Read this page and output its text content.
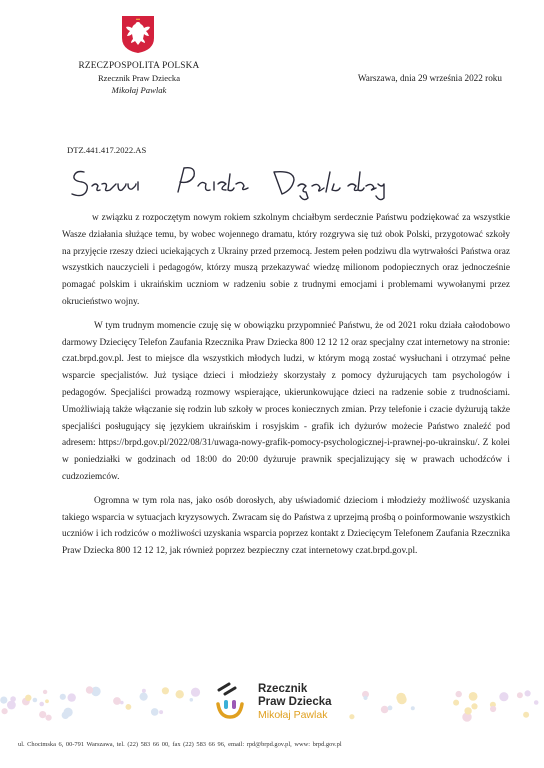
RZECZPOSPOLITA POLSKA
Rzecznik Praw Dziecka
Mikołaj Pawlak
Warszawa, dnia 29 września 2022 roku
DTZ.441.417.2022.AS

w związku z rozpoczętym nowym rokiem szkolnym chciałbym serdecznie Państwu podziękować za wszystkie Wasze działania służące temu, by wobec wojennego dramatu, który rozgrywa się tuż obok Polski, przygotować szkoły na przyjęcie rzeszy dzieci uciekających z Ukrainy przed przemocą. Jestem pełen podziwu dla wytrwałości Państwa oraz wszystkich nauczycieli i pedagogów, którzy muszą przekazywać wiedzę milionom podopiecznych oraz jednocześnie pomagać polskim i ukraińskim uczniom w radzeniu sobie z trudnymi emocjami i problemami wywołanymi przez okrucieństwo wojny.

W tym trudnym momencie czuję się w obowiązku przypomnieć Państwu, że od 2021 roku działa całodobowo darmowy Dziecięcy Telefon Zaufania Rzecznika Praw Dziecka 800 12 12 12 oraz specjalny czat internetowy na stronie: czat.brpd.gov.pl. Jest to miejsce dla wszystkich młodych ludzi, w którym mogą zostać wysłuchani i otrzymać pełne wsparcie specjalistów. Już tysiące dzieci i młodzieży skorzystały z pomocy dyżurujących tam psychologów i pedagogów. Specjaliści prowadzą rozmowy wspierające, ukierunkowujące dzieci na radzenie sobie z trudnościami. Umożliwiają także włączanie się rodzin lub szkoły w proces koniecznych zmian. Przy telefonie i czacie dyżurują także specjaliści posługujący się językiem ukraińskim i rosyjskim - grafik ich dyżurów możecie Państwo znaleźć pod adresem: https://brpd.gov.pl/2022/08/31/uwaga-nowy-grafik-pomocy-psychologicznej-i-prawnej-po-ukrainsku/. Z kolei w poniedziałki w godzinach od 18:00 do 20:00 dyżuruje prawnik specjalizujący się w prawach uchodźców i cudzoziemców.

Ogromna w tym rola nas, jako osób dorosłych, aby uświadomić dzieciom i młodzieży możliwość uzyskania takiego wsparcia w sytuacjach kryzysowych. Zwracam się do Państwa z uprzejmą prośbą o poinformowanie wszystkich uczniów i ich rodziców o możliwości uzyskania wsparcia poprzez kontakt z Dziecięcym Telefonem Zaufania Rzecznika Praw Dziecka 800 12 12 12, jak również poprzez bezpieczny czat internetowy czat.brpd.gov.pl.

Rzecznik
Praw Dziecka
Mikołaj Pawlak
ul. Chocimska 6, 00-791 Warszawa, tel. (22) 583 66 00, fax (22) 583 66 96, email: rpd@brpd.gov.pl, www: brpd.gov.pl
